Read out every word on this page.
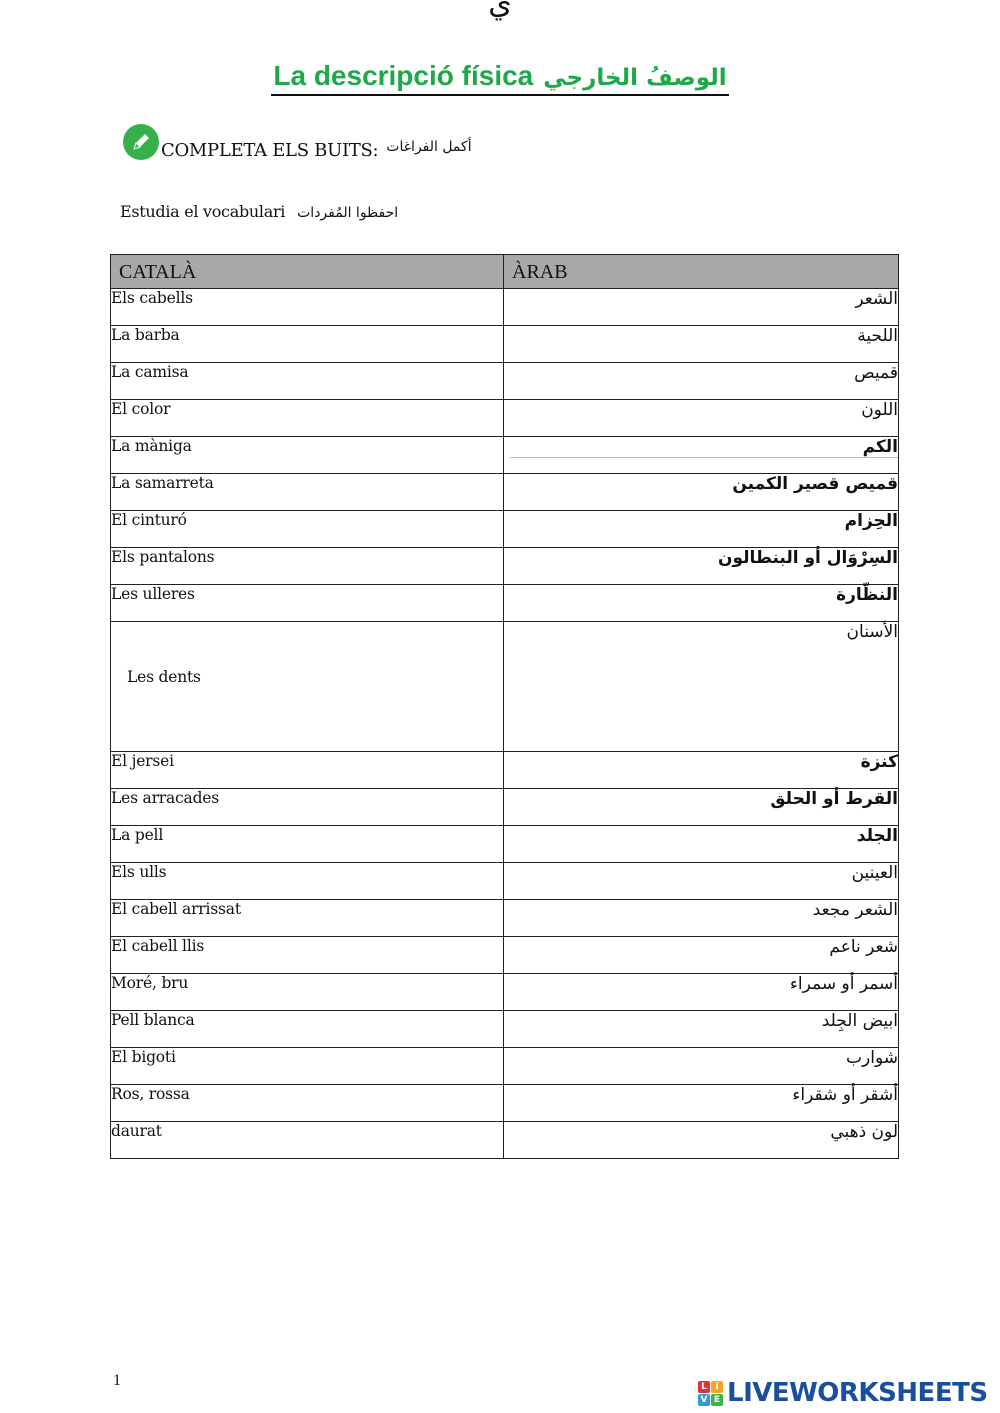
ي
La descripció física الوصفُ الخارجي
COMPLETA ELS BUITS: أكمل الفراغات
Estudia el vocabulari احفظوا المُفردات
CATALÀ	ÀRAB
Els cabells	الشعر
La barba	اللحية
La camisa	قميص
El color	اللون
La màniga	الكم

La samarreta	قميص قصير الكمين
El cinturó	الحِزام
Els pantalons	السِرْوَال أو البنطالون
Les ulleres	النظّارة
Les dents	الأسنان
El jersei	كنزة
Les arracades	القرط أو الحلق
La pell	الجلد
Els ulls	العينين
El cabell arrissat	الشعر مجعد
El cabell llis	شعر ناعم
Moré, bru	أسمر أو سمراء
Pell blanca	ابيض الجِلد
El bigoti	شوارب
Ros, rossa	أشقر أو شقراء
daurat	لون ذهبي
1	L i
V E LIVEWORKSHEETS
